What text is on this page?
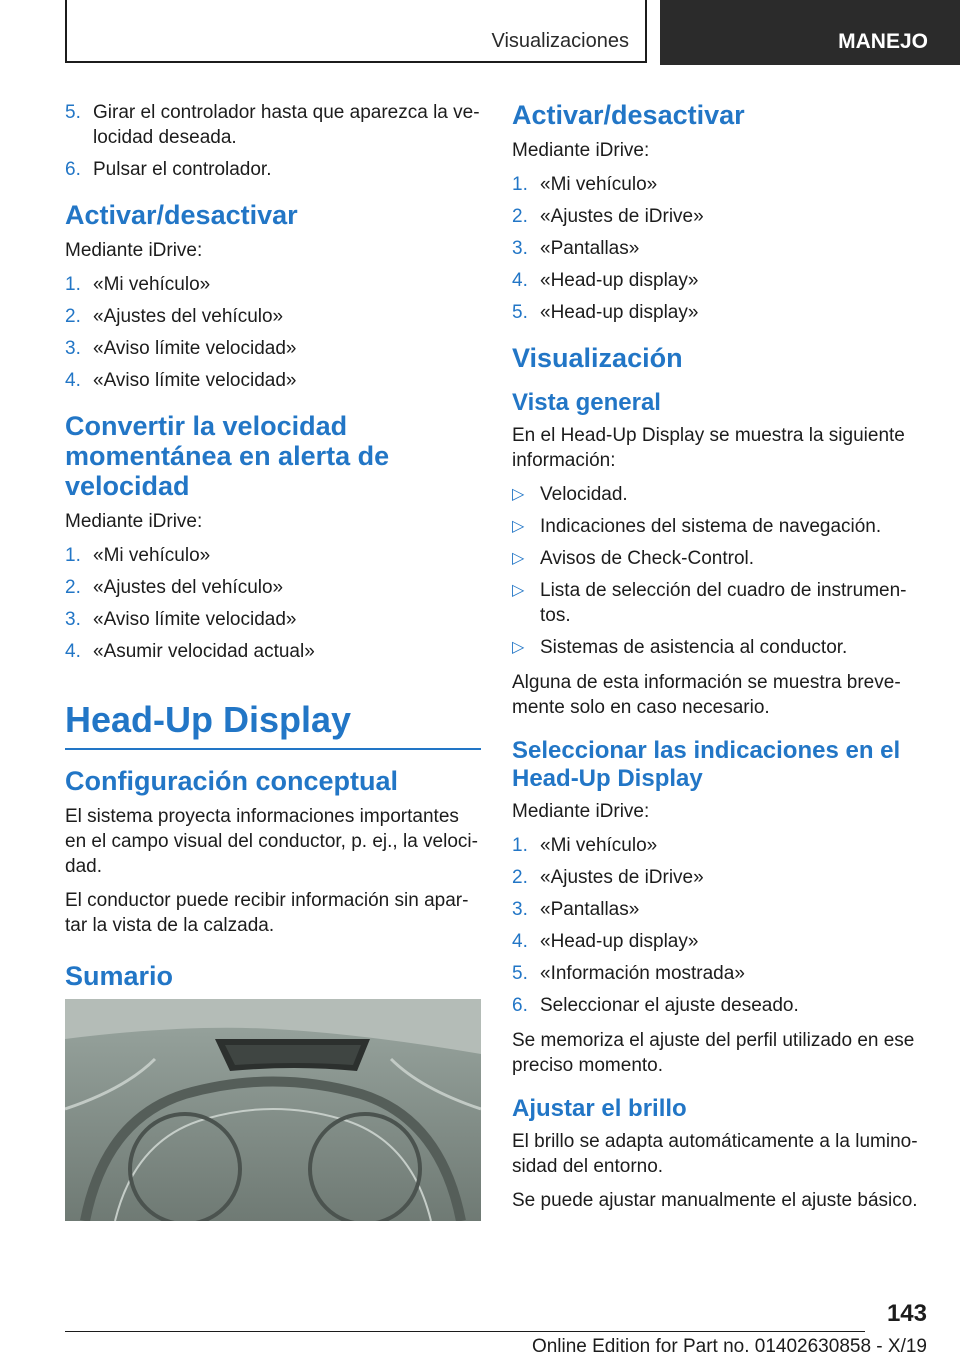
Visualizaciones	MANEJO
5. Girar el controlador hasta que aparezca la ve-locidad deseada.
6. Pulsar el controlador.
Activar/desactivar

Mediante iDrive:

1. «Mi vehículo»
2. «Ajustes del vehículo»
3. «Aviso límite velocidad»
4. «Aviso límite velocidad»
Convertir la velocidad momentánea en alerta de velocidad

Mediante iDrive:

1. «Mi vehículo»
2. «Ajustes del vehículo»
3. «Aviso límite velocidad»
4. «Asumir velocidad actual»
Head-Up Display
Configuración conceptual

El sistema proyecta informaciones importantes en el campo visual del conductor, p. ej., la veloci-dad.

El conductor puede recibir información sin apar-tar la vista de la calzada.

Sumario
Activar/desactivar

Mediante iDrive:

1. «Mi vehículo»
2. «Ajustes de iDrive»
3. «Pantallas»
4. «Head-up display»
5. «Head-up display»
Visualización
Vista general

En el Head-Up Display se muestra la siguiente información:

▷ Velocidad.
▷ Indicaciones del sistema de navegación.
▷ Avisos de Check-Control.
▷ Lista de selección del cuadro de instrumen-tos.
▷ Sistemas de asistencia al conductor.

Alguna de esta información se muestra breve-mente solo en caso necesario.

Seleccionar las indicaciones en el Head-Up Display

Mediante iDrive:

1. «Mi vehículo»
2. «Ajustes de iDrive»
3. «Pantallas»
4. «Head-up display»
5. «Información mostrada»
6. Seleccionar el ajuste deseado.

Se memoriza el ajuste del perfil utilizado en ese preciso momento.

Ajustar el brillo

El brillo se adapta automáticamente a la lumino-sidad del entorno.

Se puede ajustar manualmente el ajuste básico.

143
Online Edition for Part no. 01402630858 - X/19
